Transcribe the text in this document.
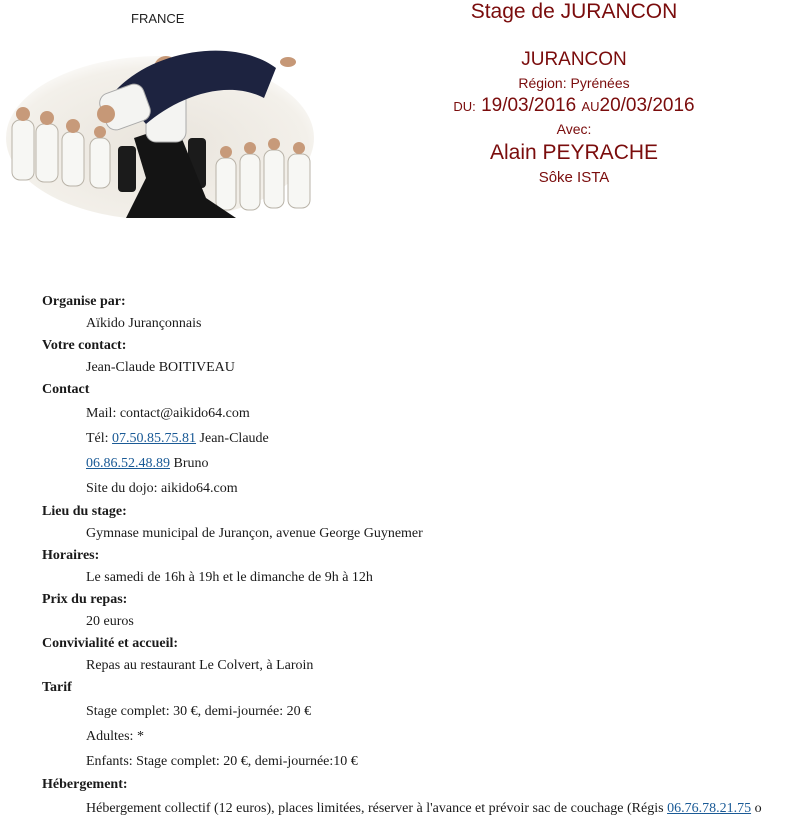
FRANCE	Stage de JURANCON
JURANCON
Région: Pyrénées
DU: 19/03/2016 AU20/03/2016
Avec:
Alain PEYRACHE
Sôke ISTA
Organise par:
Aïkido Jurançonnais
Votre contact:
Jean-Claude BOITIVEAU
Contact
Mail: contact@aikido64.com
Tél: 07.50.85.75.81 Jean-Claude
06.86.52.48.89 Bruno
Site du dojo: aikido64.com
Lieu du stage:
Gymnase municipal de Jurançon, avenue George Guynemer
Horaires:
Le samedi de 16h à 19h et le dimanche de 9h à 12h
Prix du repas:
20 euros
Convivialité et accueil:
Repas au restaurant Le Colvert, à Laroin
Tarif
Stage complet: 30 €, demi-journée: 20 €
Adultes: *
Enfants: Stage complet: 20 €, demi-journée:10 €
Hébergement:
Hébergement collectif (12 euros), places limitées, réserver à l'avance et prévoir sac de couchage (Régis 06.76.78.21.75 o
